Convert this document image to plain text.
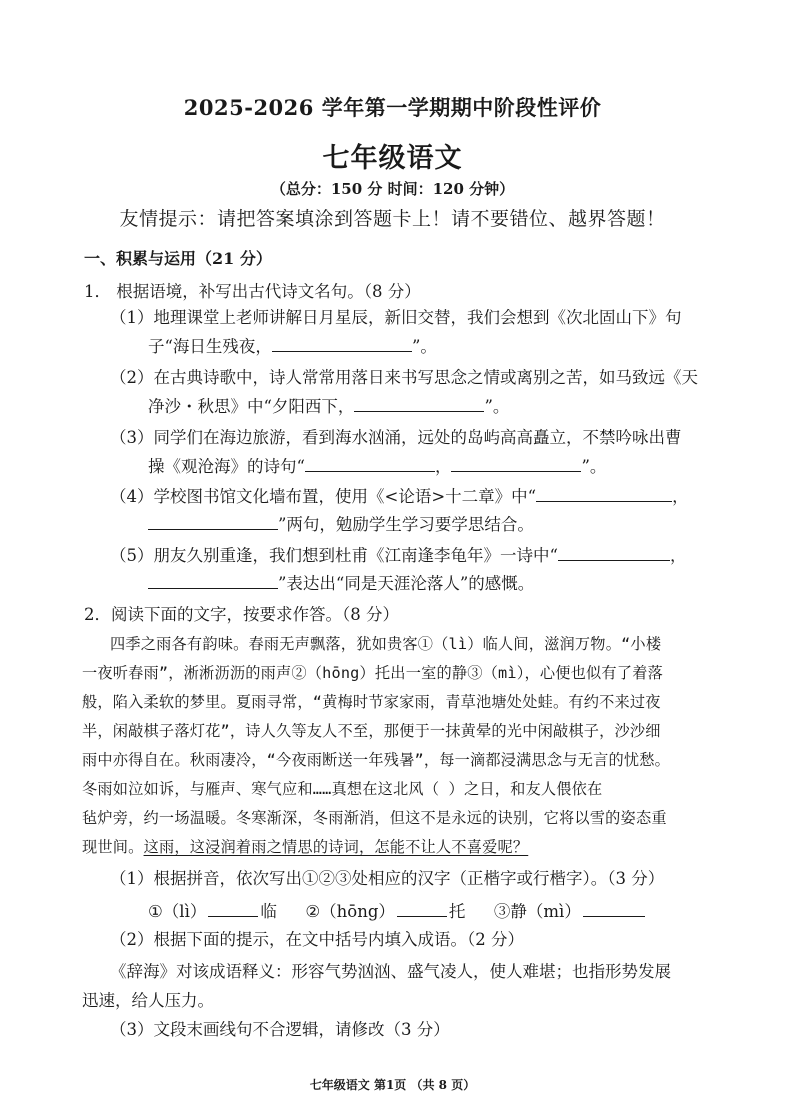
2025-2026 学年第一学期期中阶段性评价
七年级语文
（总分：150 分 时间：120 分钟）
友情提示：请把答案填涂到答题卡上！请不要错位、越界答题！
一、积累与运用（21 分）
1． 根据语境，补写出古代诗文名句。（8 分）
（1）地理课堂上老师讲解日月星辰，新旧交替，我们会想到《次北固山下》句
子“海日生残夜，	”。
（2）在古典诗歌中，诗人常常用落日来书写思念之情或离别之苦，如马致远《天
净沙・秋思》中“夕阳西下，	”。
（3）同学们在海边旅游，看到海水汹涌，远处的岛屿高高矗立，不禁吟咏出曹
操《观沧海》的诗句“	，	”。
（4）学校图书馆文化墙布置，使用《<论语>十二章》中“	，
”两句，勉励学生学习要学思结合。
（5）朋友久别重逢，我们想到杜甫《江南逢李龟年》一诗中“	，
”表达出“同是天涯沦落人”的感慨。
2．阅读下面的文字，按要求作答。（8 分）
四季之雨各有韵味。春雨无声飘落，犹如贵客①（lì）临人间，滋润万物。“小楼
一夜听春雨”，淅淅沥沥的雨声②（hōng）托出一室的静③（mì），心便也似有了着落
般，陷入柔软的梦里。夏雨寻常，“黄梅时节家家雨，青草池塘处处蛙。有约不来过夜
半，闲敲棋子落灯花”，诗人久等友人不至，那便于一抹黄晕的光中闲敲棋子，沙沙细
雨中亦得自在。秋雨凄冷，“今夜雨断送一年残暑”，每一滴都浸满思念与无言的忧愁。
冬雨如泣如诉，与雁声、寒气应和……真想在这北风（ ）之日，和友人偎依在
毡炉旁，约一场温暖。冬寒渐深，冬雨渐消，但这不是永远的诀别，它将以雪的姿态重
现世间。这雨，这浸润着雨之情思的诗词，怎能不让人不喜爱呢？
（1）根据拼音，依次写出①②③处相应的汉字（正楷字或行楷字）。（3 分）
①（lì）	临 ②（hōng）	托 ③静（mì）
（2）根据下面的提示，在文中括号内填入成语。（2 分）
《辞海》对该成语释义：形容气势汹汹、盛气凌人，使人难堪；也指形势发展
迅速，给人压力。
（3）文段末画线句不合逻辑，请修改（3 分）
七年级语文 第1页 （共 8 页）
